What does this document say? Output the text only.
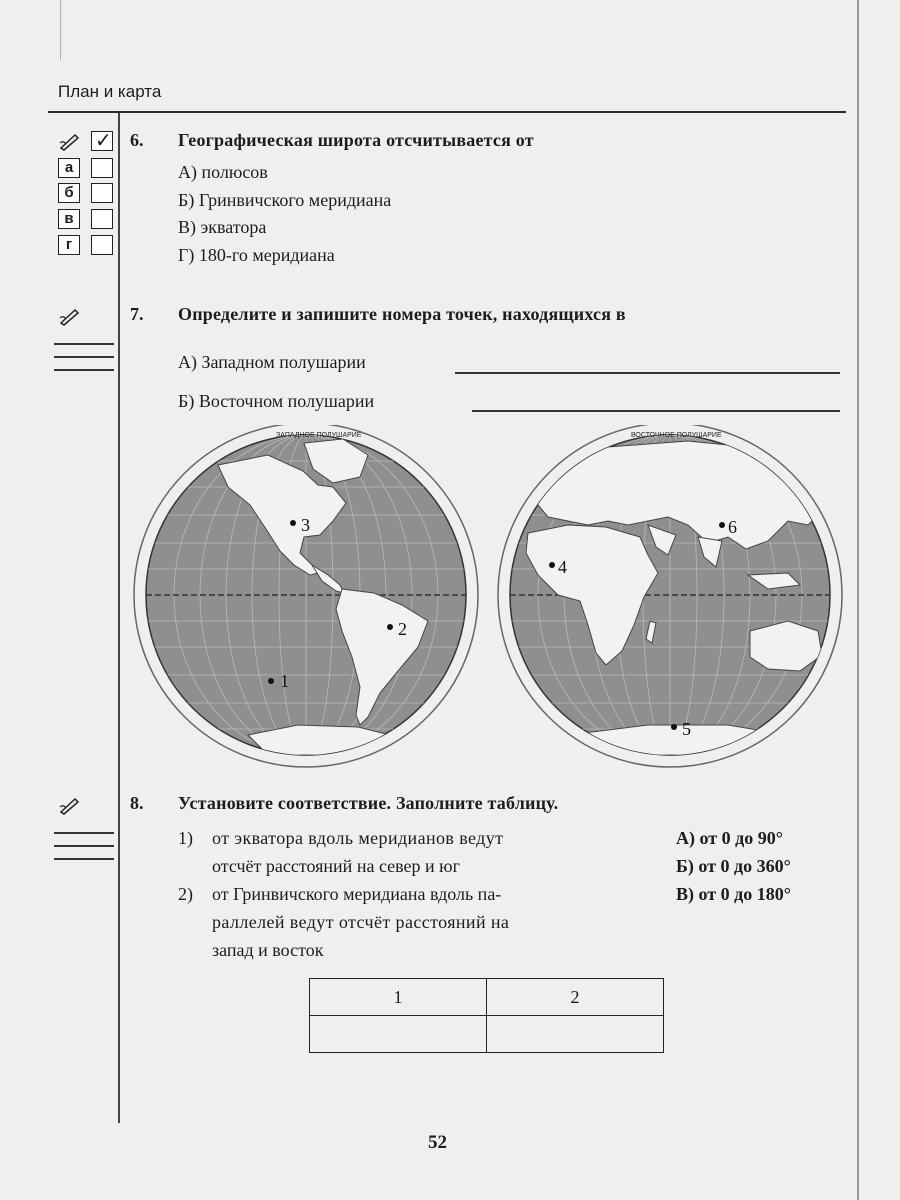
План и карта

✓
а
б
в
г
6. Географическая широта отсчитывается от
А) полюсов
Б) Гринвичского меридиана
В) экватора
Г) 180-го меридиана
7. Определите и запишите номера точек, находящихся в
А) Западном полушарии
Б) Восточном полушарии
ЗАПАДНОЕ ПОЛУШАРИЕ
3
2
1
ВОСТОЧНОЕ ПОЛУШАРИЕ
4
6
5
8. Установите соответствие. Заполните таблицу.
1) от экватора вдоль меридианов ведут
отсчёт расстояний на север и юг
2) от Гринвичского меридиана вдоль па-
раллелей ведут отсчёт расстояний на
запад и восток
А) от 0 до 90°
Б) от 0 до 360°
В) от 0 до 180°
1	2

52
